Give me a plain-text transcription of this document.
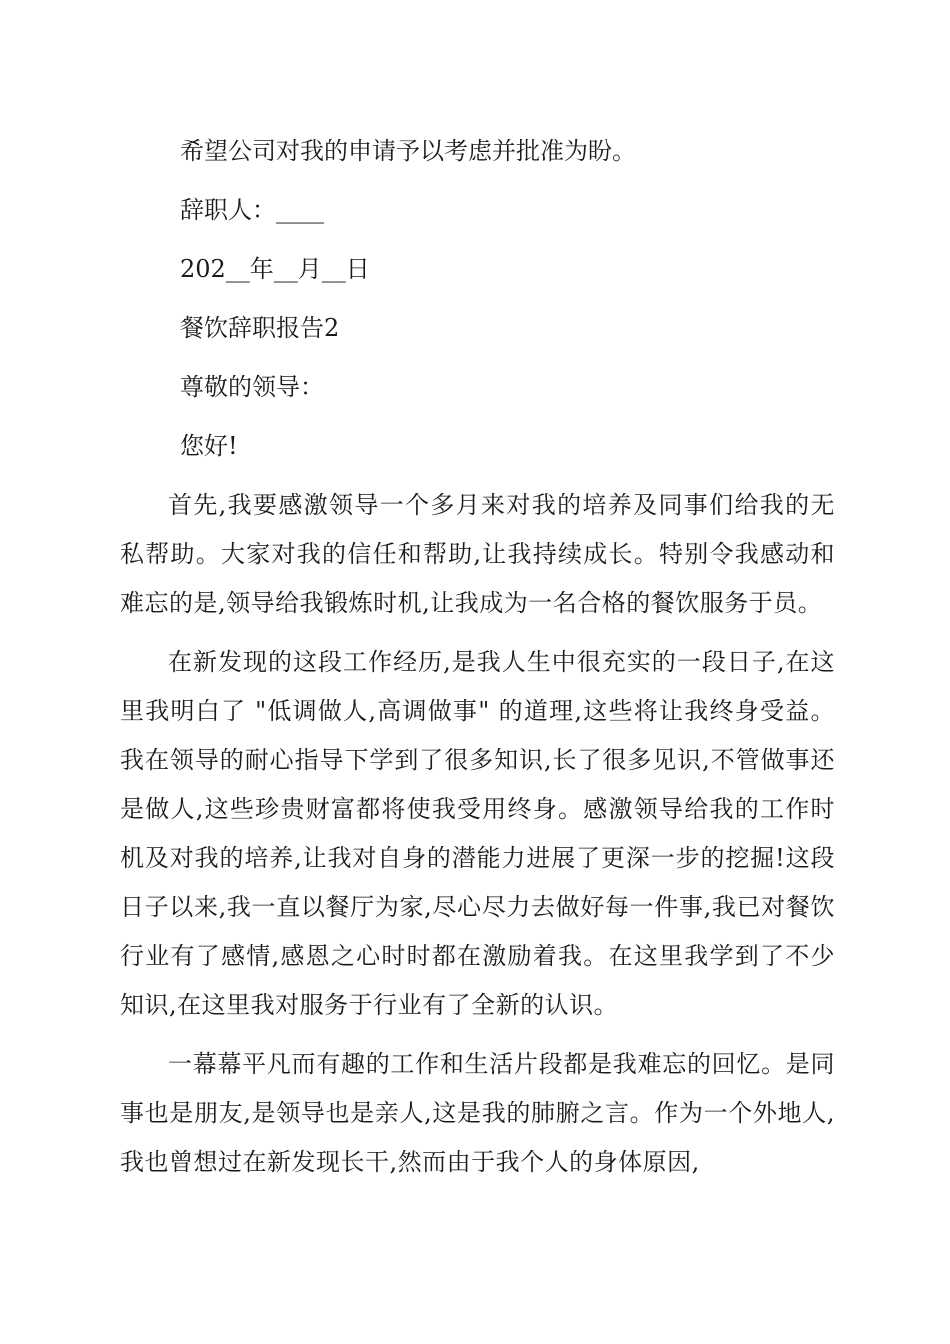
希望公司对我的申请予以考虑并批准为盼。

辞职人：____

202__年__月__日

餐饮辞职报告2

尊敬的领导：

您好!

首先,我要感激领导一个多月来对我的培养及同事们给我的无私帮助。大家对我的信任和帮助,让我持续成长。特别令我感动和难忘的是,领导给我锻炼时机,让我成为一名合格的餐饮服务于员。

在新发现的这段工作经历,是我人生中很充实的一段日子,在这里我明白了 "低调做人,高调做事" 的道理,这些将让我终身受益。我在领导的耐心指导下学到了很多知识,长了很多见识,不管做事还是做人,这些珍贵财富都将使我受用终身。感激领导给我的工作时机及对我的培养,让我对自身的潜能力进展了更深一步的挖掘!这段日子以来,我一直以餐厅为家,尽心尽力去做好每一件事,我已对餐饮行业有了感情,感恩之心时时都在激励着我。在这里我学到了不少知识,在这里我对服务于行业有了全新的认识。

一幕幕平凡而有趣的工作和生活片段都是我难忘的回忆。是同事也是朋友,是领导也是亲人,这是我的肺腑之言。作为一个外地人,我也曾想过在新发现长干,然而由于我个人的身体原因,
